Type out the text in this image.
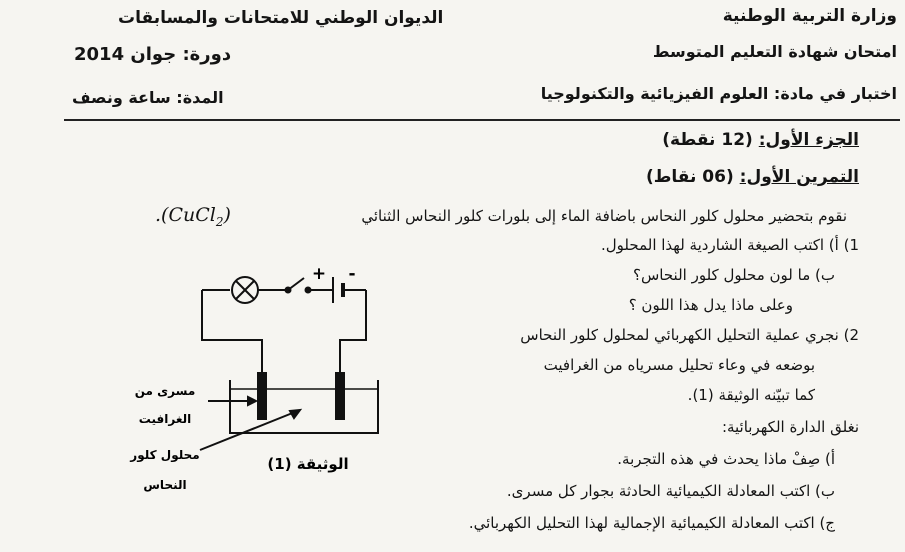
وزارة التربية الوطنية
الديوان الوطني للامتحانات والمسابقات
امتحان شهادة التعليم المتوسط
2014 دورة: جوان
اختبار في مادة: العلوم الفيزيائية والتكنولوجيا
المدة: ساعة ونصف
الجزء الأول: (12 نقطة)
التمرين الأول: (06 نقاط)
نقوم بتحضير محلول كلور النحاس باضافة الماء إلى بلورات كلور النحاس الثنائي
.(CuCl$_2$)
1) أ) اكتب الصيغة الشاردية لهذا المحلول.
ب) ما لون محلول كلور النحاس؟
وعلى ماذا يدل هذا اللون ؟
2) نجري عملية التحليل الكهربائي لمحلول كلور النحاس
بوضعه في وعاء تحليل مسرياه من الغرافيت
كما تبيّنه الوثيقة (1).
نغلق الدارة الكهربائية:
أ) صِفْ ماذا يحدث في هذه التجربة.
ب) اكتب المعادلة الكيميائية الحادثة بجوار كل مسرى.
ج) اكتب المعادلة الكيميائية الإجمالية لهذا التحليل الكهربائي.
+ -
مسرى من
الغرافيت
محلول كلور
النحاس
الوثيقة (1)
